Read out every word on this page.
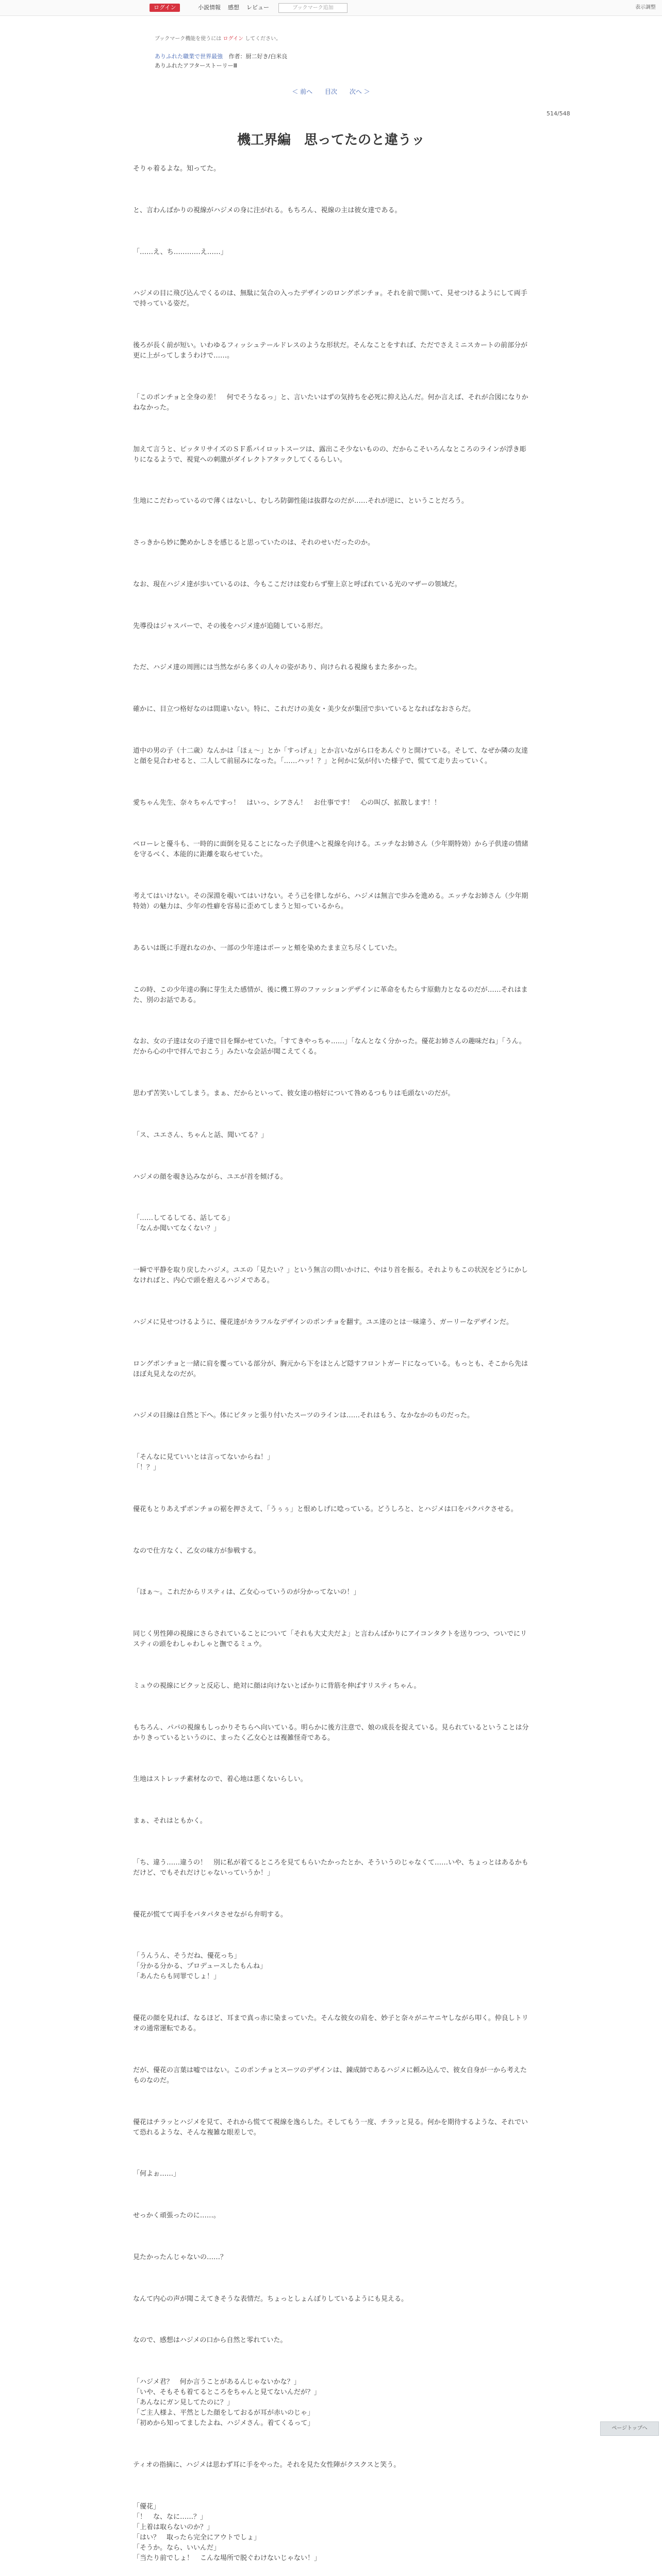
ログイン	小説情報 感想 レビュー	ブックマーク追加	表示調整
ブックマーク機能を使うには ログイン してください。
ありふれた職業で世界最強 作者：厨二好き/白米良
ありふれたアフターストーリーⅢ
＜ 前へ 目次 次へ ＞
514/548
機工界編　思ってたのと違うッ

そりゃ着るよな。知ってた。

と、言わんばかりの視線がハジメの身に注がれる。もちろん、視線の主は彼女達である。

「……え、ち…………え……」

ハジメの目に飛び込んでくるのは、無駄に気合の入ったデザインのロングポンチョ。それを前で開いて、見せつけるようにして両手で持っている姿だ。

後ろが長く前が短い。いわゆるフィッシュテールドレスのような形状だ。そんなことをすれば、ただでさえミニスカートの前部分が更に上がってしまうわけで……。

「このポンチョと全身の差！　何でそうなるっ」と、言いたいはずの気持ちを必死に抑え込んだ。何か言えば、それが合図になりかねなかった。

加えて言うと、ピッタリサイズのＳＦ系パイロットスーツは、露出こそ少ないものの、だからこそいろんなところのラインが浮き彫りになるようで、視覚への刺激がダイレクトアタックしてくるらしい。

生地にこだわっているので薄くはないし、むしろ防御性能は抜群なのだが……それが逆に、ということだろう。

さっきから妙に艶めかしさを感じると思っていたのは、それのせいだったのか。

なお、現在ハジメ達が歩いているのは、今もここだけは変わらず聖上京と呼ばれている光のマザーの領域だ。

先導役はジャスパーで、その後をハジメ達が追随している形だ。

ただ、ハジメ達の周囲には当然ながら多くの人々の姿があり、向けられる視線もまた多かった。

確かに、目立つ格好なのは間違いない。特に、これだけの美女・美少女が集団で歩いているとなればなおさらだ。

道中の男の子（十二歳）なんかは「ほぇ～」とか「すっげぇ」とか言いながら口をあんぐりと開けている。そして、なぜか隣の友達と顔を見合わせると、二人して前屈みになった。「……ハッ！？」と何かに気が付いた様子で、慌てて走り去っていく。

愛ちゃん先生、奈々ちゃんですっ！　はいっ、シアさん！　お仕事です！　心の叫び、拡散します！！

ペローレと優斗も、一時的に面倒を見ることになった子供達へと視線を向ける。エッチなお姉さん（少年期特効）から子供達の情緒を守るべく、本能的に距離を取らせていた。

考えてはいけない。その深淵を覗いてはいけない。そう己を律しながら、ハジメは無言で歩みを進める。エッチなお姉さん（少年期特効）の魅力は、少年の性癖を容易に歪めてしまうと知っているから。

あるいは既に手遅れなのか、一部の少年達はポーッと頬を染めたまま立ち尽くしていた。

この時、この少年達の胸に芽生えた感情が、後に機工界のファッションデザインに革命をもたらす原動力となるのだが……それはまた、別のお話である。

なお、女の子達は女の子達で目を輝かせていた。「すてきやっちゃ……」「なんとなく分かった。優花お姉さんの趣味だね」「うん。だから心の中で拝んでおこう」みたいな会話が聞こえてくる。

思わず苦笑いしてしまう。まぁ、だからといって、彼女達の格好について咎めるつもりは毛頭ないのだが。

「ス、ユエさん、ちゃんと話、聞いてる？」

ハジメの顔を覗き込みながら、ユエが首を傾げる。

「……してるしてる、話してる」
「なんか聞いてなくない？」

一瞬で平静を取り戻したハジメ。ユエの「見たい？」という無言の問いかけに、やはり首を振る。それよりもこの状況をどうにかしなければと、内心で頭を抱えるハジメである。

ハジメに見せつけるように、優花達がカラフルなデザインのポンチョを翻す。ユエ達のとは一味違う、ガーリーなデザインだ。

ロングポンチョと一緒に肩を覆っている部分が、胸元から下をほとんど隠すフロントガードになっている。もっとも、そこから先はほぼ丸見えなのだが。

ハジメの目線は自然と下へ。体にピタッと張り付いたスーツのラインは……それはもう、なかなかのものだった。

「そんなに見ていいとは言ってないからね！」
「！？」

優花もとりあえずポンチョの裾を押さえて、「うぅぅ」と恨めしげに唸っている。どうしろと、とハジメは口をパクパクさせる。

なので仕方なく、乙女の味方が参戦する。

「ほぁ～。これだからリスティは、乙女心っていうのが分かってないの！」

同じく男性陣の視線にさらされていることについて「それも大丈夫だよ」と言わんばかりにアイコンタクトを送りつつ、ついでにリスティの頭をわしゃわしゃと撫でるミュウ。

ミュウの視線にビクッと反応し、絶対に顔は向けないとばかりに背筋を伸ばすリスティちゃん。

もちろん、パパの視線もしっかりそちらへ向いている。明らかに後方注意で、娘の成長を捉えている。見られているということは分かりきっているというのに、まったく乙女心とは複雑怪奇である。

生地はストレッチ素材なので、着心地は悪くないらしい。

まぁ、それはともかく。

「ち、違う……違うの！　別に私が着てるところを見てもらいたかったとか、そういうのじゃなくて……いや、ちょっとはあるかもだけど、でもそれだけじゃないっていうか！」

優花が慌てて両手をパタパタさせながら弁明する。

「うんうん、そうだね、優花っち」
「分かる分かる、プロデュースしたもんね」
「あんたらも同罪でしょ！」

優花の顔を見れば、なるほど、耳まで真っ赤に染まっていた。そんな彼女の肩を、妙子と奈々がニヤニヤしながら叩く。仲良しトリオの通常運転である。

だが、優花の言葉は嘘ではない。このポンチョとスーツのデザインは、錬成師であるハジメに頼み込んで、彼女自身が一から考えたものなのだ。

優花はチラッとハジメを見て、それから慌てて視線を逸らした。そしてもう一度、チラッと見る。何かを期待するような、それでいて恐れるような、そんな複雑な眼差しで。

「何よぉ……」

せっかく頑張ったのに……。

見たかったんじゃないの……？

なんて内心の声が聞こえてきそうな表情だ。ちょっとしょんぼりしているようにも見える。

なので、感想はハジメの口から自然と零れていた。

「ハジメ君？　何か言うことがあるんじゃないかな？」
「いや、そもそも着てるところをちゃんと見てないんだが？」
「あんなにガン見してたのに？」
「ご主人様よ、平然とした顔をしておるが耳が赤いのじゃ」
「初めから知ってましたよね、ハジメさん。着てくるって」

ティオの指摘に、ハジメは思わず耳に手をやった。それを見た女性陣がクスクスと笑う。

「優花」
「！　な、なに……？」
「上着は取らないのか？」
「はい？　取ったら完全にアウトでしょ」
「そうか。なら、いいんだ」
「当たり前でしょ！　こんな場所で脱ぐわけないじゃない！」

ページトップへ
